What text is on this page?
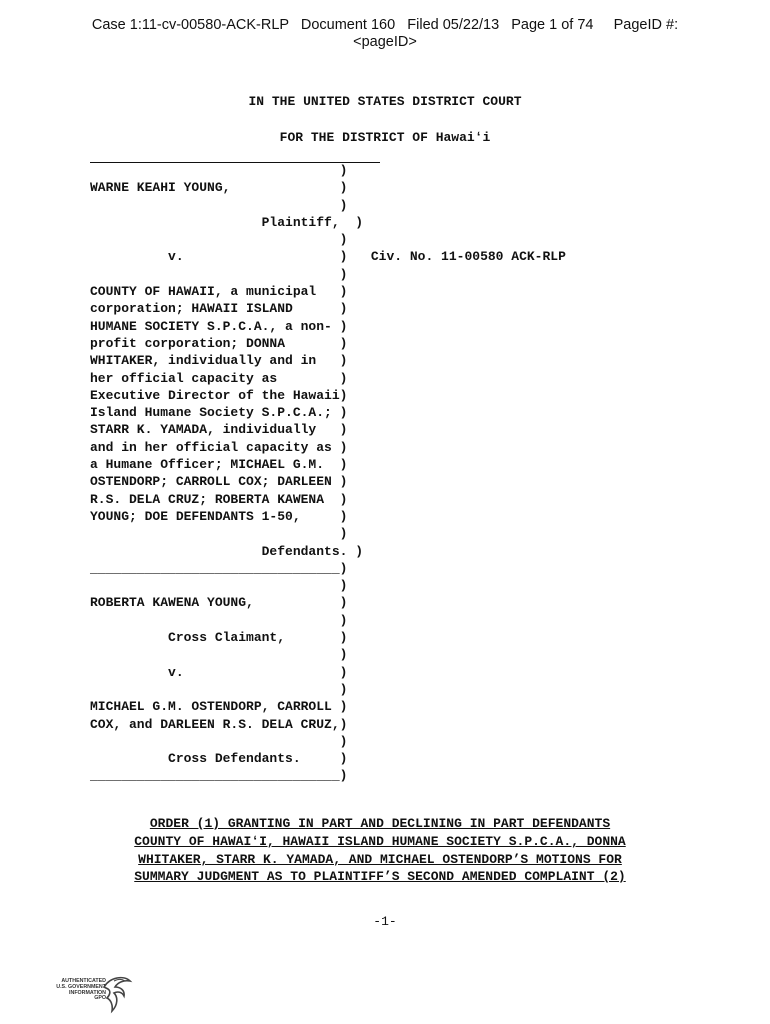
Case 1:11-cv-00580-ACK-RLP   Document 160   Filed 05/22/13   Page 1 of 74     PageID #:
<pageID>
IN THE UNITED STATES DISTRICT COURT
FOR THE DISTRICT OF Hawaiʻi
)
WARNE KEAHI YOUNG,              )
)
Plaintiff,  )
)
v.                    )   Civ. No. 11-00580 ACK-RLP
)
COUNTY OF HAWAII, a municipal   )
corporation; HAWAII ISLAND      )
HUMANE SOCIETY S.P.C.A., a non- )
profit corporation; DONNA       )
WHITAKER, individually and in   )
her official capacity as        )
Executive Director of the Hawaii)
Island Humane Society S.P.C.A.; )
STARR K. YAMADA, individually   )
and in her official capacity as )
a Humane Officer; MICHAEL G.M.  )
OSTENDORP; CARROLL COX; DARLEEN )
R.S. DELA CRUZ; ROBERTA KAWENA  )
YOUNG; DOE DEFENDANTS 1-50,     )
)
Defendants. )
________________________________)
)
ROBERTA KAWENA YOUNG,           )
)
Cross Claimant,       )
)
v.                    )
)
MICHAEL G.M. OSTENDORP, CARROLL )
COX, and DARLEEN R.S. DELA CRUZ,)
)
Cross Defendants.     )
________________________________)
ORDER (1) GRANTING IN PART AND DECLINING IN PART DEFENDANTS
COUNTY OF HAWAIʻI, HAWAII ISLAND HUMANE SOCIETY S.P.C.A., DONNA
WHITAKER, STARR K. YAMADA, AND MICHAEL OSTENDORP’S MOTIONS FOR
SUMMARY JUDGMENT AS TO PLAINTIFF’S SECOND AMENDED COMPLAINT (2)
-1-
AUTHENTICATED
U.S. GOVERNMENT
INFORMATION
GPO
